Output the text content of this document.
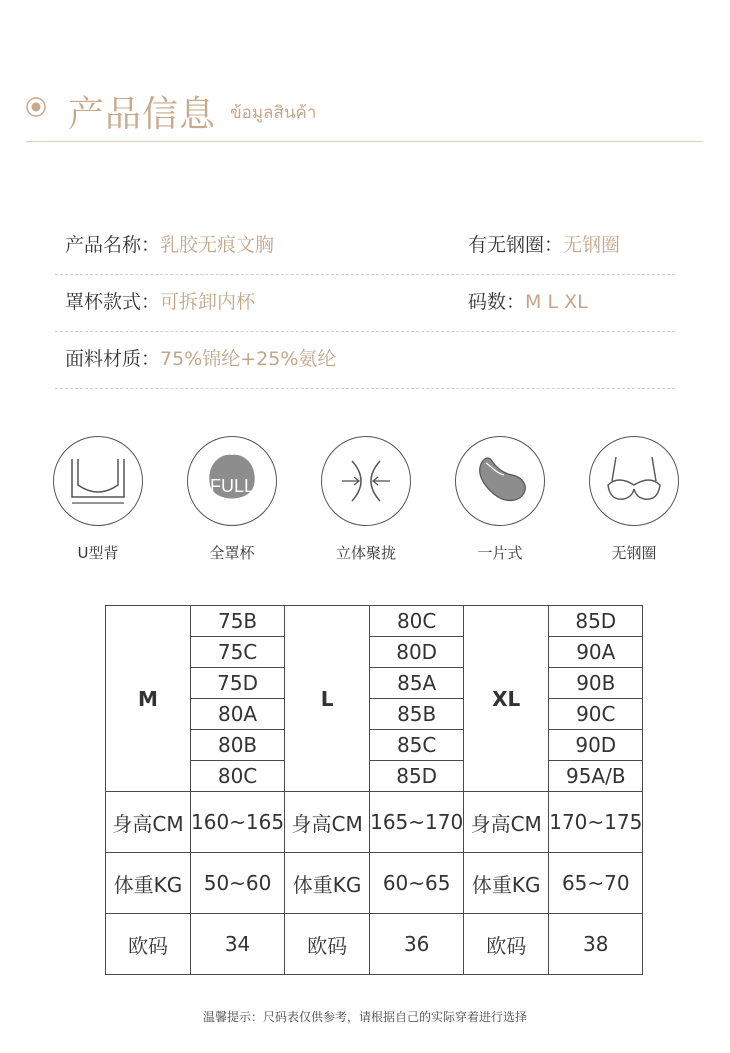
产品信息 ข้อมูลสินค้า
产品名称：乳胶无痕文胸	有无钢圈：无钢圈
罩杯款式：可拆卸内杯	码数：M L XL
面料材质：75%锦纶+25%氨纶
U型背
FULL
全罩杯	立体聚拢	一片式	无钢圈
M	75B	L	80C	XL	85D
	75C		80D		90A
	75D		85A		90B
	80A		85B		90C
	80B		85C		90D
	80C		85D		95A/B
身高CM	160~165	身高CM	165~170	身高CM	170~175
体重KG	50~60	体重KG	60~65	体重KG	65~70
欧码	34	欧码	36	欧码	38
温馨提示：尺码表仅供参考，请根据自己的实际穿着进行选择
